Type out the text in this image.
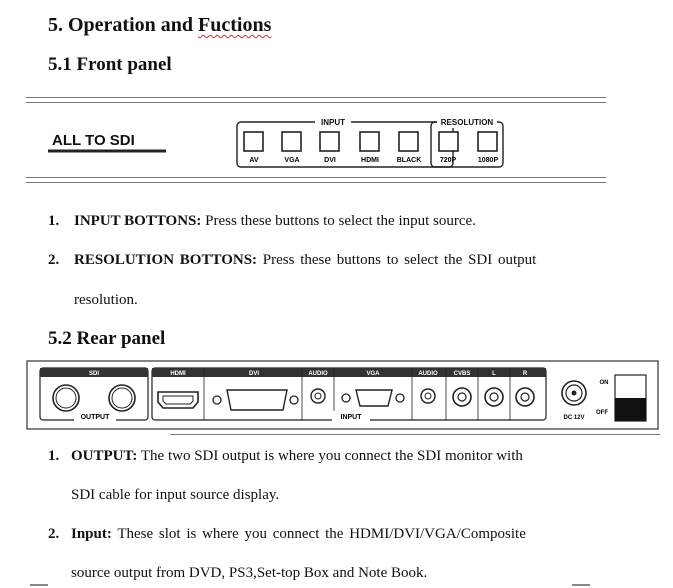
5. Operation and Fuctions
5.1 Front panel
ALL TO SDI
INPUT	RESOLUTION
AV	VGA	DVI	HDMI	BLACK	720P	1080P
1. INPUT BOTTONS: Press these buttons to select the input source.
2. RESOLUTION BOTTONS: Press these buttons to select the SDI output
resolution.
5.2 Rear panel
SDI
OUTPUT
HDMI	DVI	AUDIO	VGA	AUDIO	CVBS	L	R
INPUT	DC 12V
ON
OFF
1. OUTPUT: The two SDI output is where you connect the SDI monitor with
SDI cable for input source display.
2. Input: These slot is where you connect the HDMI/DVI/VGA/Composite
source output from DVD, PS3,Set-top Box and Note Book.
